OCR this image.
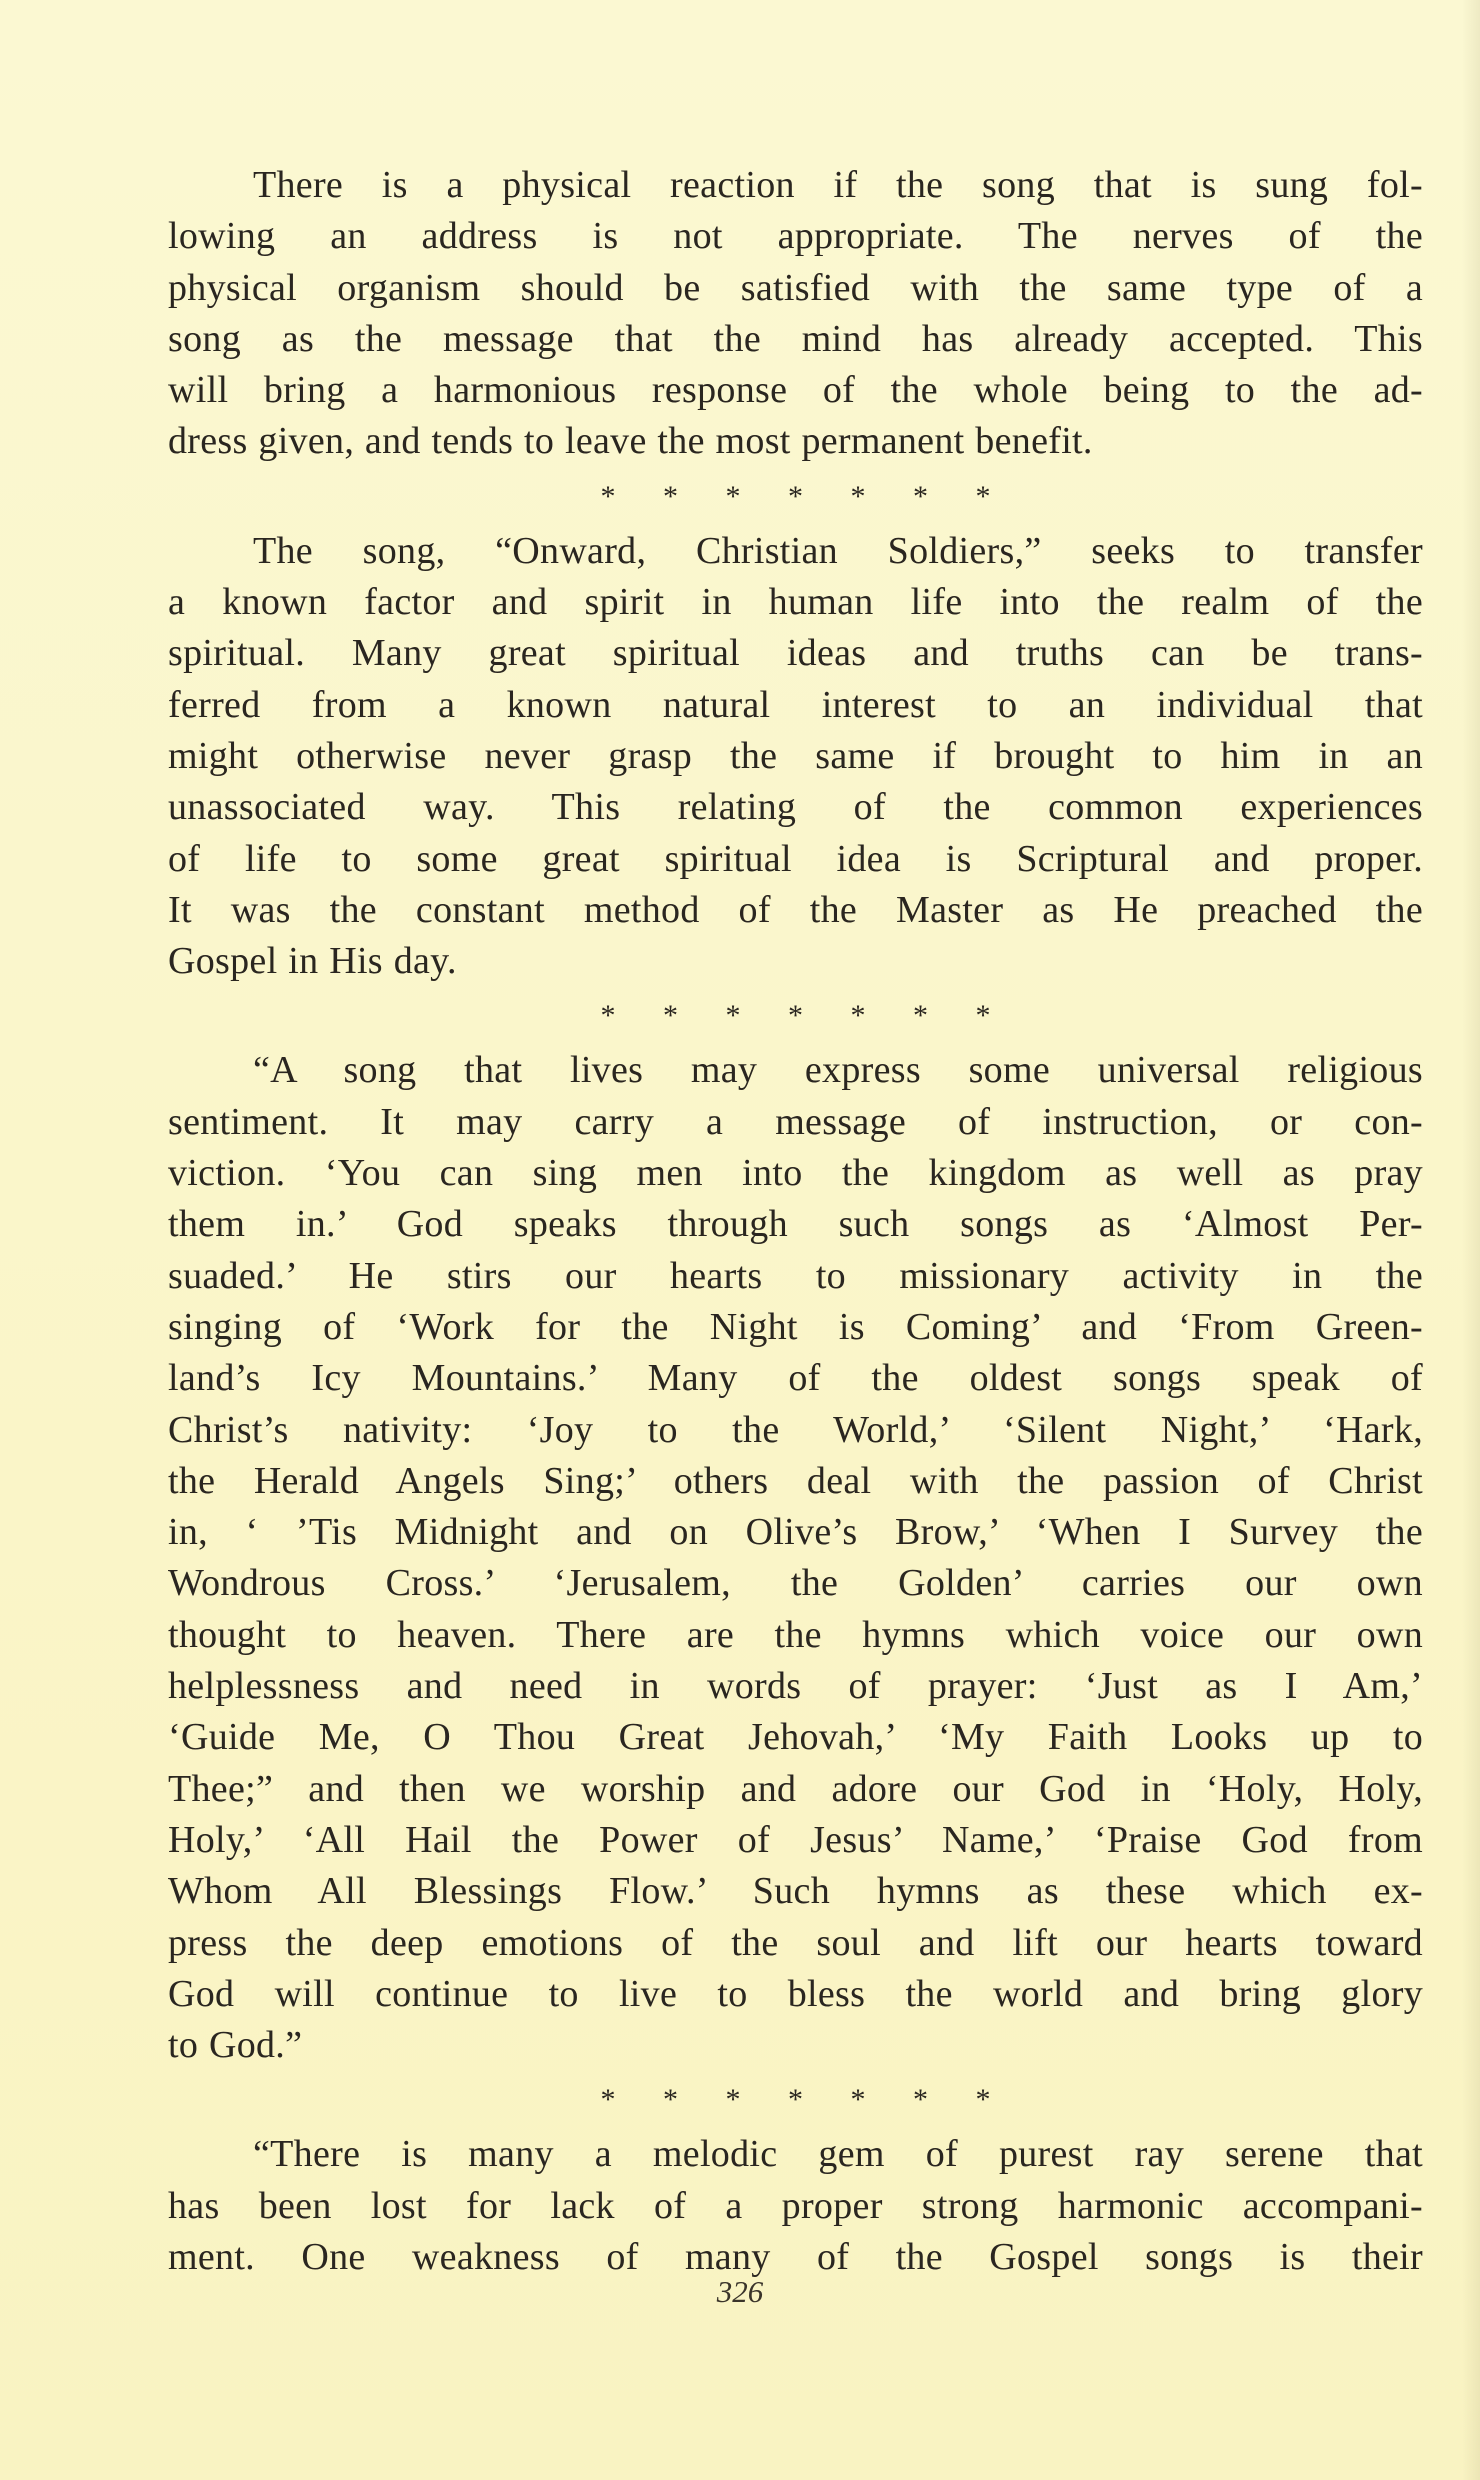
There is a physical reaction if the song that is sung fol-
lowing an address is not appropriate. The nerves of the
physical organism should be satisfied with the same type of a
song as the message that the mind has already accepted. This
will bring a harmonious response of the whole being to the ad-
dress given, and tends to leave the most permanent benefit.
* * * * * * *
The song, “Onward, Christian Soldiers,” seeks to transfer
a known factor and spirit in human life into the realm of the
spiritual. Many great spiritual ideas and truths can be trans-
ferred from a known natural interest to an individual that
might otherwise never grasp the same if brought to him in an
unassociated way. This relating of the common experiences
of life to some great spiritual idea is Scriptural and proper.
It was the constant method of the Master as He preached the
Gospel in His day.
* * * * * * *
“A song that lives may express some universal religious
sentiment. It may carry a message of instruction, or con-
viction. ‘You can sing men into the kingdom as well as pray
them in.’ God speaks through such songs as ‘Almost Per-
suaded.’ He stirs our hearts to missionary activity in the
singing of ‘Work for the Night is Coming’ and ‘From Green-
land’s Icy Mountains.’ Many of the oldest songs speak of
Christ’s nativity: ‘Joy to the World,’ ‘Silent Night,’ ‘Hark,
the Herald Angels Sing;’ others deal with the passion of Christ
in, ‘ ’Tis Midnight and on Olive’s Brow,’ ‘When I Survey the
Wondrous Cross.’ ‘Jerusalem, the Golden’ carries our own
thought to heaven. There are the hymns which voice our own
helplessness and need in words of prayer: ‘Just as I Am,’
‘Guide Me, O Thou Great Jehovah,’ ‘My Faith Looks up to
Thee;” and then we worship and adore our God in ‘Holy, Holy,
Holy,’ ‘All Hail the Power of Jesus’ Name,’ ‘Praise God from
Whom All Blessings Flow.’ Such hymns as these which ex-
press the deep emotions of the soul and lift our hearts toward
God will continue to live to bless the world and bring glory
to God.”
* * * * * * *
“There is many a melodic gem of purest ray serene that
has been lost for lack of a proper strong harmonic accompani-
ment. One weakness of many of the Gospel songs is their
326
